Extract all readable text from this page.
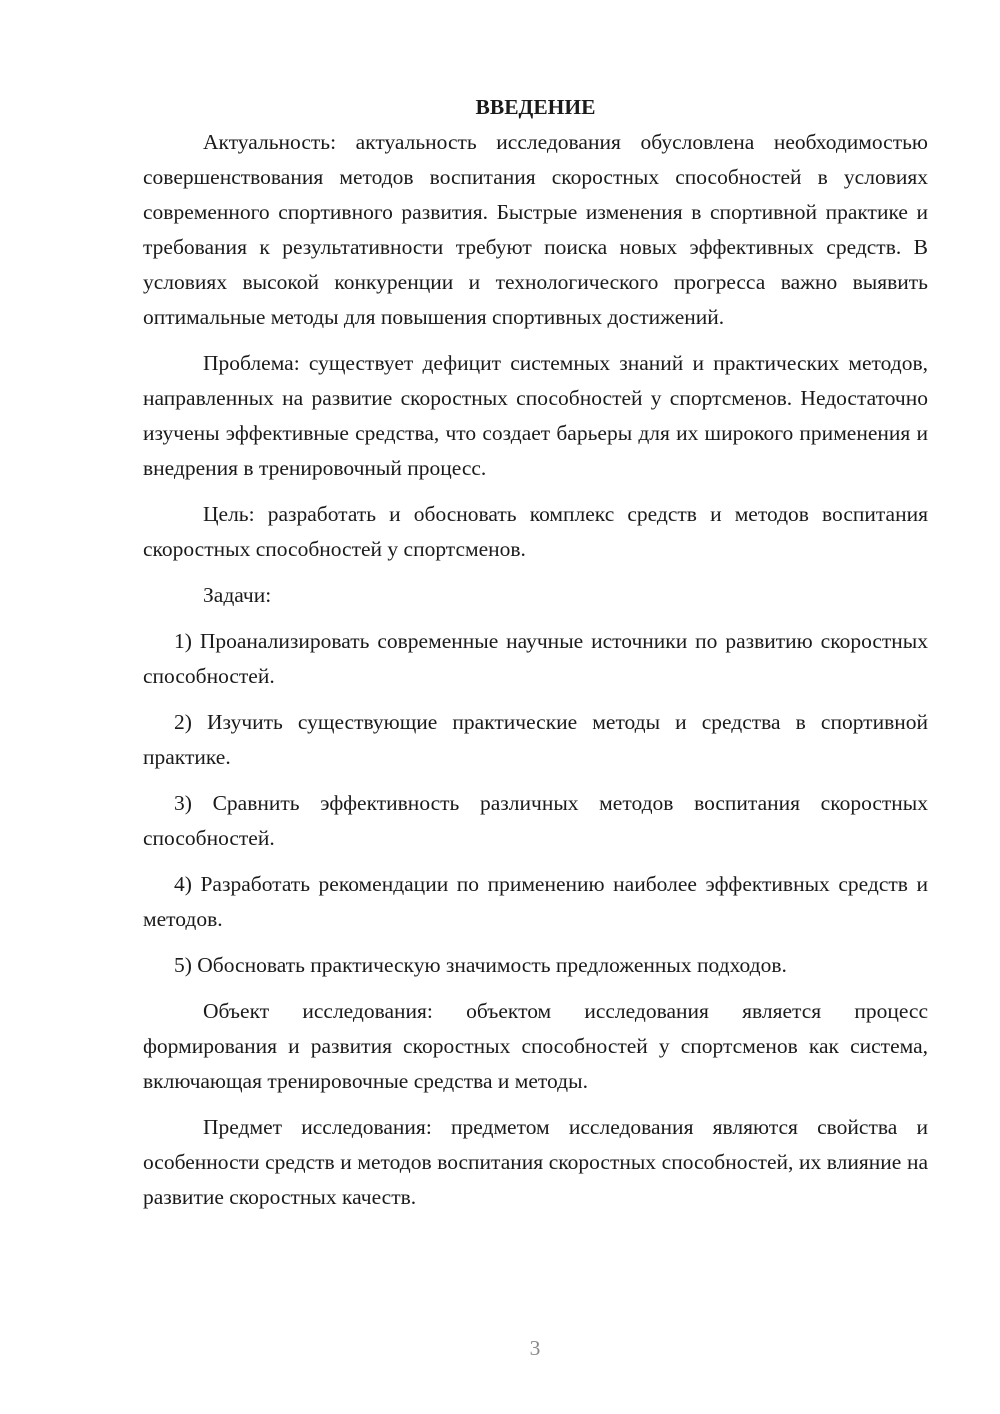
ВВЕДЕНИЕ

Актуальность: актуальность исследования обусловлена необходимостью совершенствования методов воспитания скоростных способностей в условиях современного спортивного развития. Быстрые изменения в спортивной практике и требования к результативности требуют поиска новых эффективных средств. В условиях высокой конкуренции и технологического прогресса важно выявить оптимальные методы для повышения спортивных достижений.

Проблема: существует дефицит системных знаний и практических методов, направленных на развитие скоростных способностей у спортсменов. Недостаточно изучены эффективные средства, что создает барьеры для их широкого применения и внедрения в тренировочный процесс.

Цель: разработать и обосновать комплекс средств и методов воспитания скоростных способностей у спортсменов.

Задачи:

1) Проанализировать современные научные источники по развитию скоростных способностей.

2) Изучить существующие практические методы и средства в спортивной практике.

3) Сравнить эффективность различных методов воспитания скоростных способностей.

4) Разработать рекомендации по применению наиболее эффективных средств и методов.

5) Обосновать практическую значимость предложенных подходов.

Объект исследования: объектом исследования является процесс формирования и развития скоростных способностей у спортсменов как система, включающая тренировочные средства и методы.

Предмет исследования: предметом исследования являются свойства и особенности средств и методов воспитания скоростных способностей, их влияние на развитие скоростных качеств.

3
